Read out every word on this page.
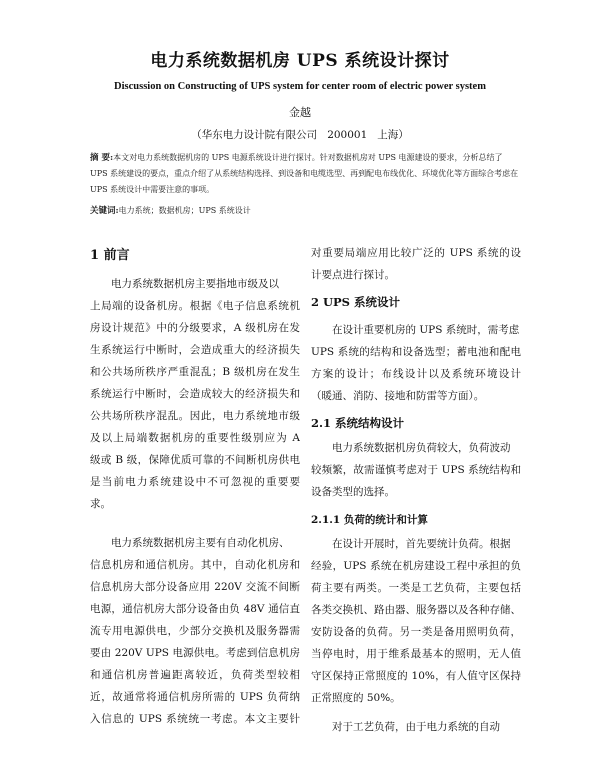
电力系统数据机房 UPS 系统设计探讨
Discussion on Constructing of UPS system for center room of electric power system
金越
（华东电力设计院有限公司   200001   上海）
摘 要:本文对电力系统数据机房的 UPS 电源系统设计进行探讨。针对数据机房对 UPS 电源建设的要求，分析总结了 UPS 系统建设的要点，重点介绍了从系统结构选择、到设备和电缆选型、再到配电布线优化、环境优化等方面综合考虑在 UPS 系统设计中需要注意的事项。
关键词:电力系统；数据机房；UPS 系统设计
1 前言
电力系统数据机房主要指地市级及以
上局端的设备机房。根据《电子信息系统机
房设计规范》中的分级要求，A 级机房在发
生系统运行中断时，会造成重大的经济损失
和公共场所秩序严重混乱；B 级机房在发生
系统运行中断时，会造成较大的经济损失和
公共场所秩序混乱。因此，电力系统地市级
及以上局端数据机房的重要性级别应为 A
级或 B 级，保障优质可靠的不间断机房供电
是当前电力系统建设中不可忽视的重要要
求。
电力系统数据机房主要有自动化机房、
信息机房和通信机房。其中，自动化机房和
信息机房大部分设备应用 220V 交流不间断
电源，通信机房大部分设备由负 48V 通信直
流专用电源供电，少部分交换机及服务器需
要由 220V UPS 电源供电。考虑到信息机房
和通信机房普遍距离较近，负荷类型较相
近，故通常将通信机房所需的 UPS 负荷纳
入信息的 UPS 系统统一考虑。本文主要针
对重要局端应用比较广泛的 UPS 系统的设
计要点进行探讨。
2 UPS 系统设计
在设计重要机房的 UPS 系统时，需考虑
UPS 系统的结构和设备选型；蓄电池和配电
方案的设计；布线设计以及系统环境设计
（暖通、消防、接地和防雷等方面）。
2.1 系统结构设计
电力系统数据机房负荷较大，负荷波动
较频繁，故需谨慎考虑对于 UPS 系统结构和
设备类型的选择。
2.1.1 负荷的统计和计算
在设计开展时，首先要统计负荷。根据
经验，UPS 系统在机房建设工程中承担的负
荷主要有两类。一类是工艺负荷，主要包括
各类交换机、路由器、服务器以及各种存储、
安防设备的负荷。另一类是备用照明负荷，
当停电时，用于维系最基本的照明，无人值
守区保持正常照度的 10%，有人值守区保持
正常照度的 50%。
对于工艺负荷，由于电力系统的自动
